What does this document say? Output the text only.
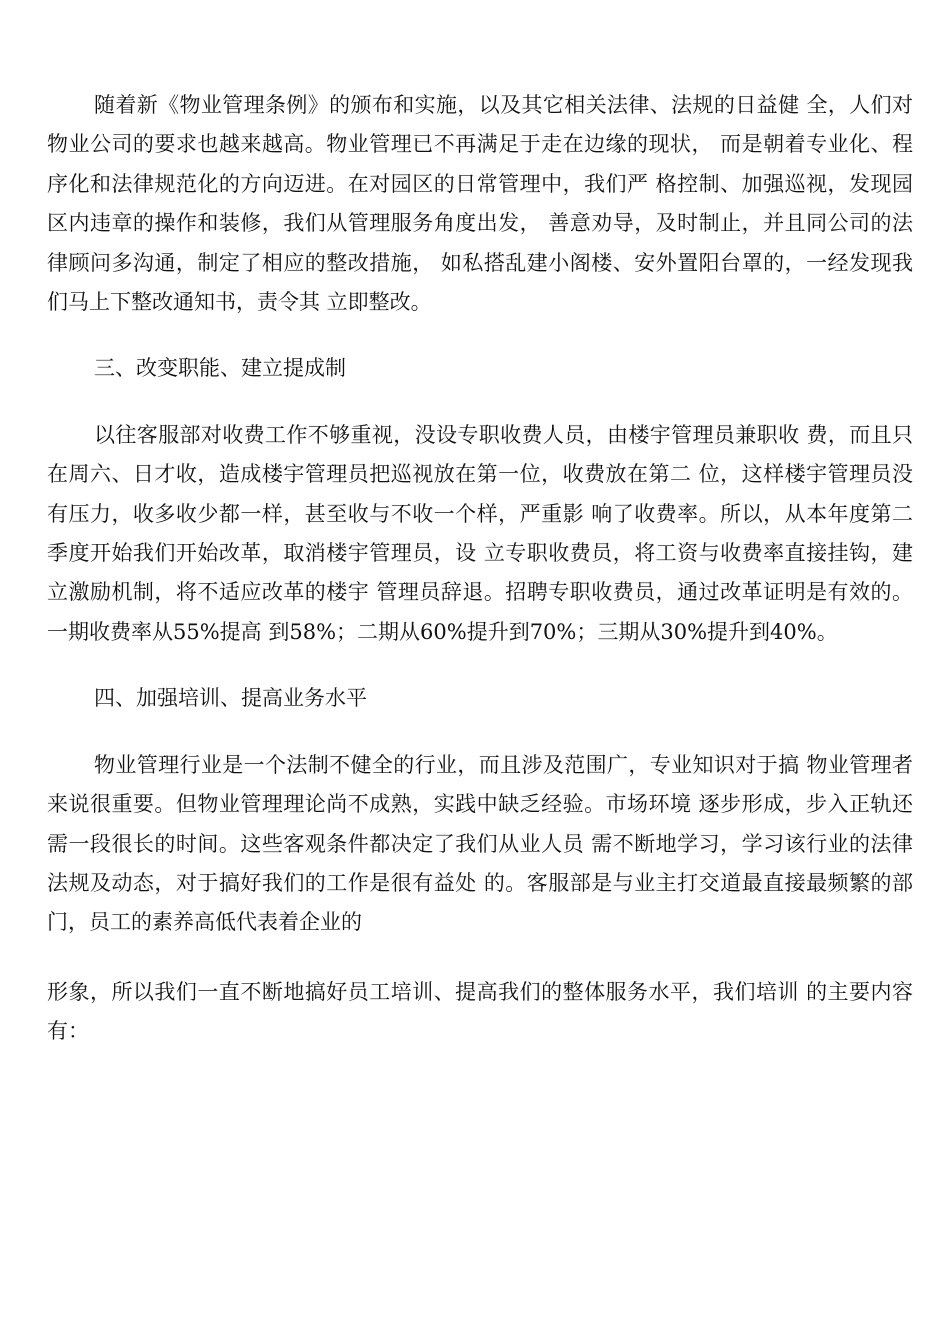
随着新《物业管理条例》的颁布和实施，以及其它相关法律、法规的日益健 全，人们对物业公司的要求也越来越高。物业管理已不再满足于走在边缘的现状， 而是朝着专业化、程序化和法律规范化的方向迈进。在对园区的日常管理中，我们严 格控制、加强巡视，发现园区内违章的操作和装修，我们从管理服务角度出发， 善意劝导，及时制止，并且同公司的法律顾问多沟通，制定了相应的整改措施， 如私搭乱建小阁楼、安外置阳台罩的，一经发现我们马上下整改通知书，责令其 立即整改。

三、改变职能、建立提成制

以往客服部对收费工作不够重视，没设专职收费人员，由楼宇管理员兼职收 费，而且只在周六、日才收，造成楼宇管理员把巡视放在第一位，收费放在第二 位，这样楼宇管理员没有压力，收多收少都一样，甚至收与不收一个样，严重影 响了收费率。所以，从本年度第二季度开始我们开始改革，取消楼宇管理员，设 立专职收费员，将工资与收费率直接挂钩，建立激励机制，将不适应改革的楼宇 管理员辞退。招聘专职收费员，通过改革证明是有效的。一期收费率从55%提高 到58%；二期从60%提升到70%；三期从30%提升到40%。

四、加强培训、提高业务水平

物业管理行业是一个法制不健全的行业，而且涉及范围广，专业知识对于搞 物业管理者来说很重要。但物业管理理论尚不成熟，实践中缺乏经验。市场环境 逐步形成，步入正轨还需一段很长的时间。这些客观条件都决定了我们从业人员 需不断地学习，学习该行业的法律法规及动态，对于搞好我们的工作是很有益处 的。客服部是与业主打交道最直接最频繁的部门，员工的素养高低代表着企业的

形象，所以我们一直不断地搞好员工培训、提高我们的整体服务水平，我们培训 的主要内容有：
